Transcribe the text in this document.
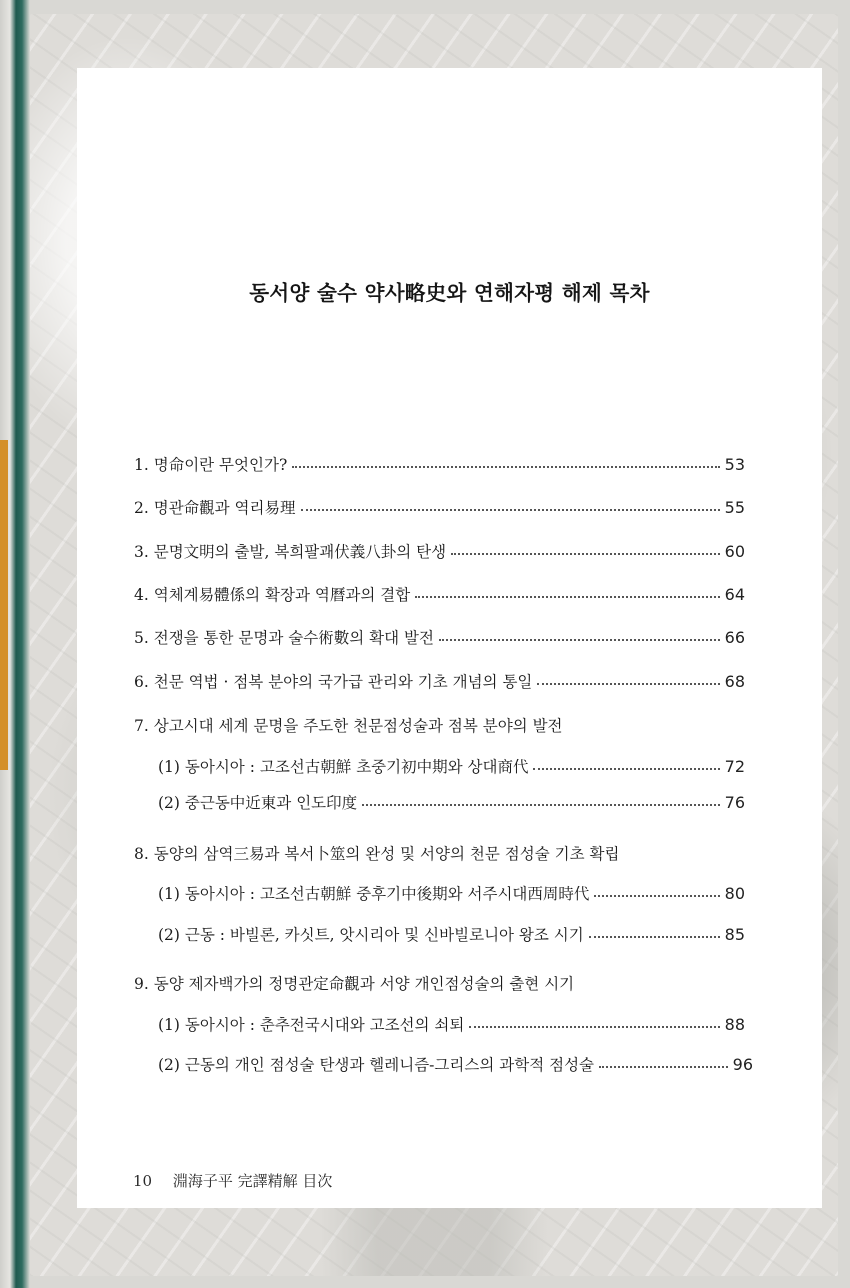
동서양 술수 약사略史와 연해자평 해제 목차
1. 명命이란 무엇인가?	53
2. 명관命觀과 역리易理	55
3. 문명文明의 출발, 복희팔괘伏義八卦의 탄생	60
4. 역체계易體係의 확장과 역曆과의 결합	64
5. 전쟁을 통한 문명과 술수術數의 확대 발전	66
6. 천문 역법 · 점복 분야의 국가급 관리와 기초 개념의 통일	68
7. 상고시대 세계 문명을 주도한 천문점성술과 점복 분야의 발전
(1) 동아시아 : 고조선古朝鮮 초중기初中期와 상대商代	72
(2) 중근동中近東과 인도印度	76
8. 동양의 삼역三易과 복서卜筮의 완성 및 서양의 천문 점성술 기초 확립
(1) 동아시아 : 고조선古朝鮮 중후기中後期와 서주시대西周時代	80
(2) 근동 : 바빌론, 카싯트, 앗시리아 및 신바빌로니아 왕조 시기	85
9. 동양 제자백가의 정명관定命觀과 서양 개인점성술의 출현 시기
(1) 동아시아 : 춘추전국시대와 고조선의 쇠퇴	88
(2) 근동의 개인 점성술 탄생과 헬레니즘-그리스의 과학적 점성술	96
10 淵海子平 完譯精解 目次
